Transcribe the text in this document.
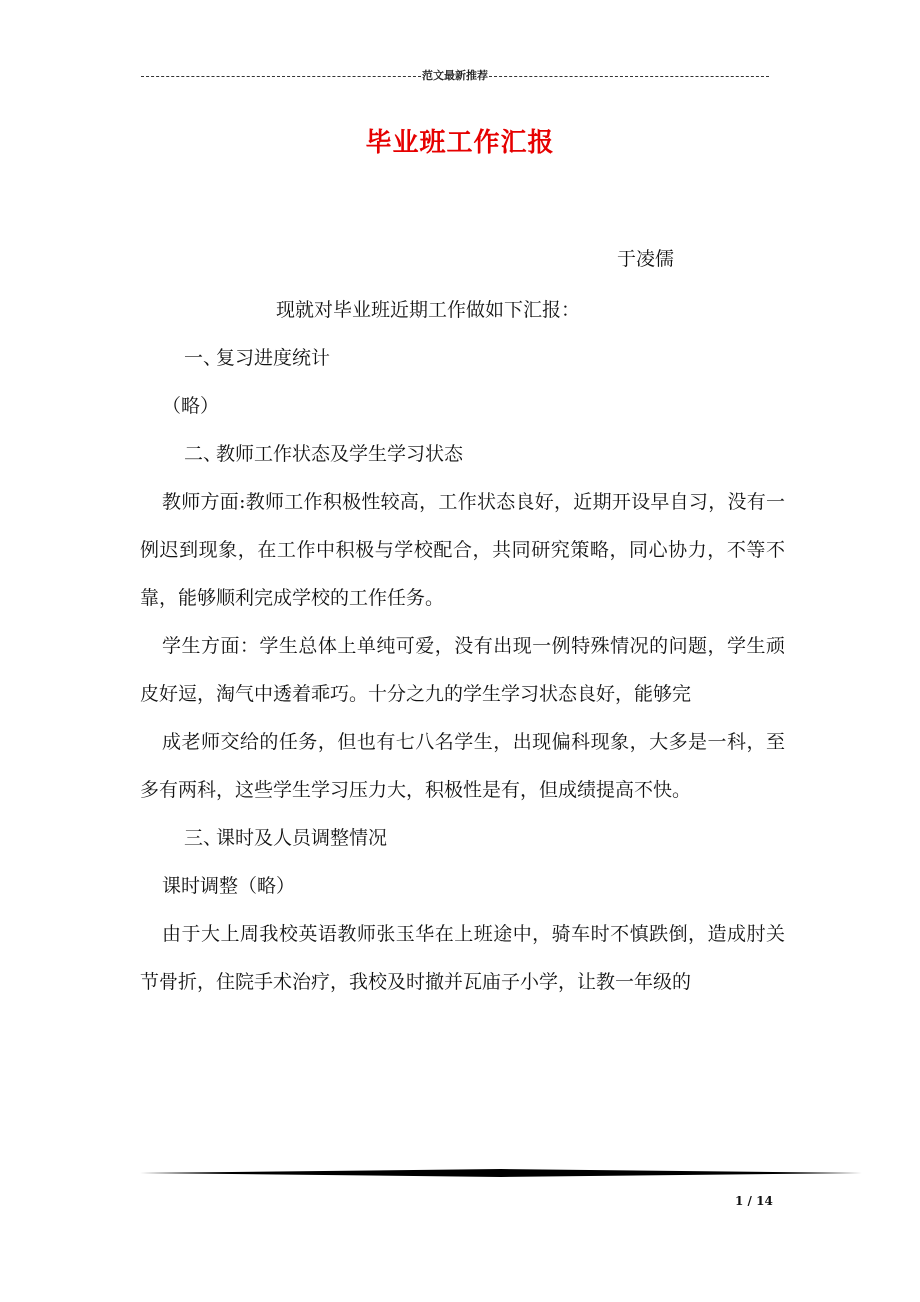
范文最新推荐
毕业班工作汇报
于凌儒

现就对毕业班近期工作做如下汇报：

一、复习进度统计

（略）

二、教师工作状态及学生学习状态

教师方面:教师工作积极性较高，工作状态良好，近期开设早自习，没有一例迟到现象，在工作中积极与学校配合，共同研究策略，同心协力，不等不靠，能够顺利完成学校的工作任务。

学生方面：学生总体上单纯可爱，没有出现一例特殊情况的问题，学生顽皮好逗，淘气中透着乖巧。十分之九的学生学习状态良好，能够完

成老师交给的任务，但也有七八名学生，出现偏科现象，大多是一科，至多有两科，这些学生学习压力大，积极性是有，但成绩提高不快。

三、课时及人员调整情况

课时调整（略）

由于大上周我校英语教师张玉华在上班途中，骑车时不慎跌倒，造成肘关节骨折，住院手术治疗，我校及时撤并瓦庙子小学，让教一年级的

1 / 14
